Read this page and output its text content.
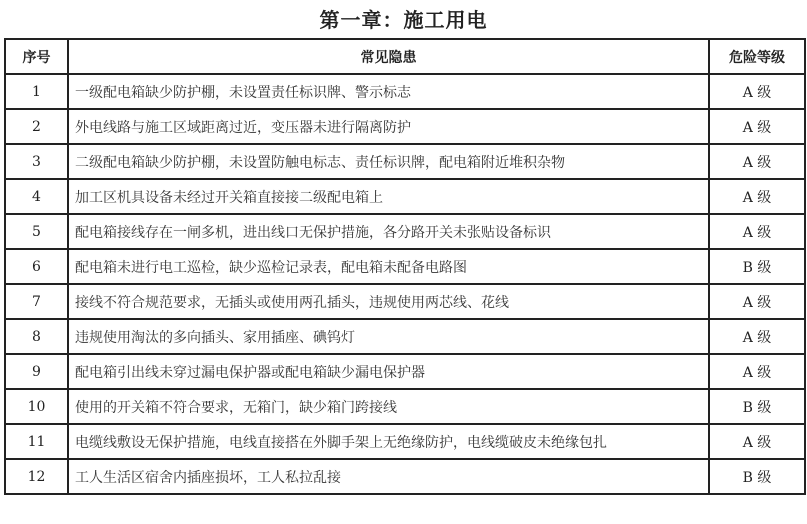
第一章：施工用电
序号	常见隐患	危险等级
1	一级配电箱缺少防护棚，未设置责任标识牌、警示标志	A 级
2	外电线路与施工区域距离过近，变压器未进行隔离防护	A 级
3	二级配电箱缺少防护棚，未设置防触电标志、责任标识牌，配电箱附近堆积杂物	A 级
4	加工区机具设备未经过开关箱直接接二级配电箱上	A 级
5	配电箱接线存在一闸多机，进出线口无保护措施，各分路开关未张贴设备标识	A 级
6	配电箱未进行电工巡检，缺少巡检记录表，配电箱未配备电路图	B 级
7	接线不符合规范要求，无插头或使用两孔插头，违规使用两芯线、花线	A 级
8	违规使用淘汰的多向插头、家用插座、碘钨灯	A 级
9	配电箱引出线未穿过漏电保护器或配电箱缺少漏电保护器	A 级
10	使用的开关箱不符合要求，无箱门，缺少箱门跨接线	B 级
11	电缆线敷设无保护措施，电线直接搭在外脚手架上无绝缘防护，电线缆破皮未绝缘包扎	A 级
12	工人生活区宿舍内插座损坏，工人私拉乱接	B 级
